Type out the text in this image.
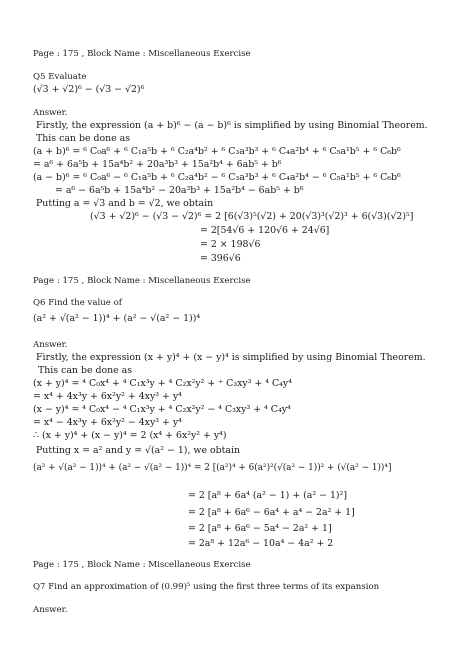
Page : 175 , Block Name : Miscellaneous Exercise
Q5 Evaluate
(√3 + √2)⁶ − (√3 − √2)⁶
Answer.
Firstly, the expression (a + b)⁶ − (a − b)⁶ is simplified by using Binomial Theorem.
This can be done as
(a + b)⁶ = ⁶ C₀a⁶ + ⁶ C₁a⁵b + ⁶ C₂a⁴b² + ⁶ C₃a³b³ + ⁶ C₄a²b⁴ + ⁶ C₅a¹b⁵ + ⁶ C₆b⁶
= a⁶ + 6a⁵b + 15a⁴b² + 20a³b³ + 15a²b⁴ + 6ab⁵ + b⁶
(a − b)⁶ = ⁶ C₀a⁶ − ⁶ C₁a⁵b + ⁶ C₂a⁴b² − ⁶ C₃a³b³ + ⁶ C₄a²b⁴ − ⁶ C₅a¹b⁵ + ⁶ C₆b⁶
= a⁶ − 6a⁵b + 15a⁴b² − 20a³b³ + 15a²b⁴ − 6ab⁵ + b⁶
Putting a = √3 and b = √2, we obtain
(√3 + √2)⁶ − (√3 − √2)⁶ = 2 [6(√3)⁵(√2) + 20(√3)³(√2)³ + 6(√3)(√2)⁵]
= 2[54√6 + 120√6 + 24√6]
= 2 × 198√6
= 396√6
Page : 175 , Block Name : Miscellaneous Exercise
Q6 Find the value of
(a² + √(a² − 1))⁴ + (a² − √(a² − 1))⁴
Answer.
Firstly, the expression (x + y)⁴ + (x − y)⁴ is simplified by using Binomial Theorem.
This can be done as
(x + y)⁴ = ⁴ C₀x⁴ + ⁴ C₁x³y + ⁴ C₂x²y² + ⁺ C₃xy³ + ⁴ C₄y⁴
= x⁴ + 4x³y + 6x²y² + 4xy³ + y⁴
(x − y)⁴ = ⁴ C₀x⁴ − ⁴ C₁x³y + ⁴ C₂x²y² − ⁴ C₃xy³ + ⁴ C₄y⁴
= x⁴ − 4x³y + 6x²y² − 4xy³ + y⁴
∴ (x + y)⁴ + (x − y)⁴ = 2 (x⁴ + 6x²y² + y⁴)
Putting x = a² and y = √(a² − 1), we obtain
(a² + √(a² − 1))⁴ + (a² − √(a² − 1))⁴ = 2 [(a²)⁴ + 6(a²)²(√(a² − 1))² + (√(a² − 1))⁴]
= 2 [a⁸ + 6a⁴ (a² − 1) + (a² − 1)²]
= 2 [a⁸ + 6a⁶ − 6a⁴ + a⁴ − 2a² + 1]
= 2 [a⁸ + 6a⁶ − 5a⁴ − 2a² + 1]
= 2a⁸ + 12a⁶ − 10a⁴ − 4a² + 2
Page : 175 , Block Name : Miscellaneous Exercise
Q7 Find an approximation of (0.99)⁵ using the first three terms of its expansion
Answer.
